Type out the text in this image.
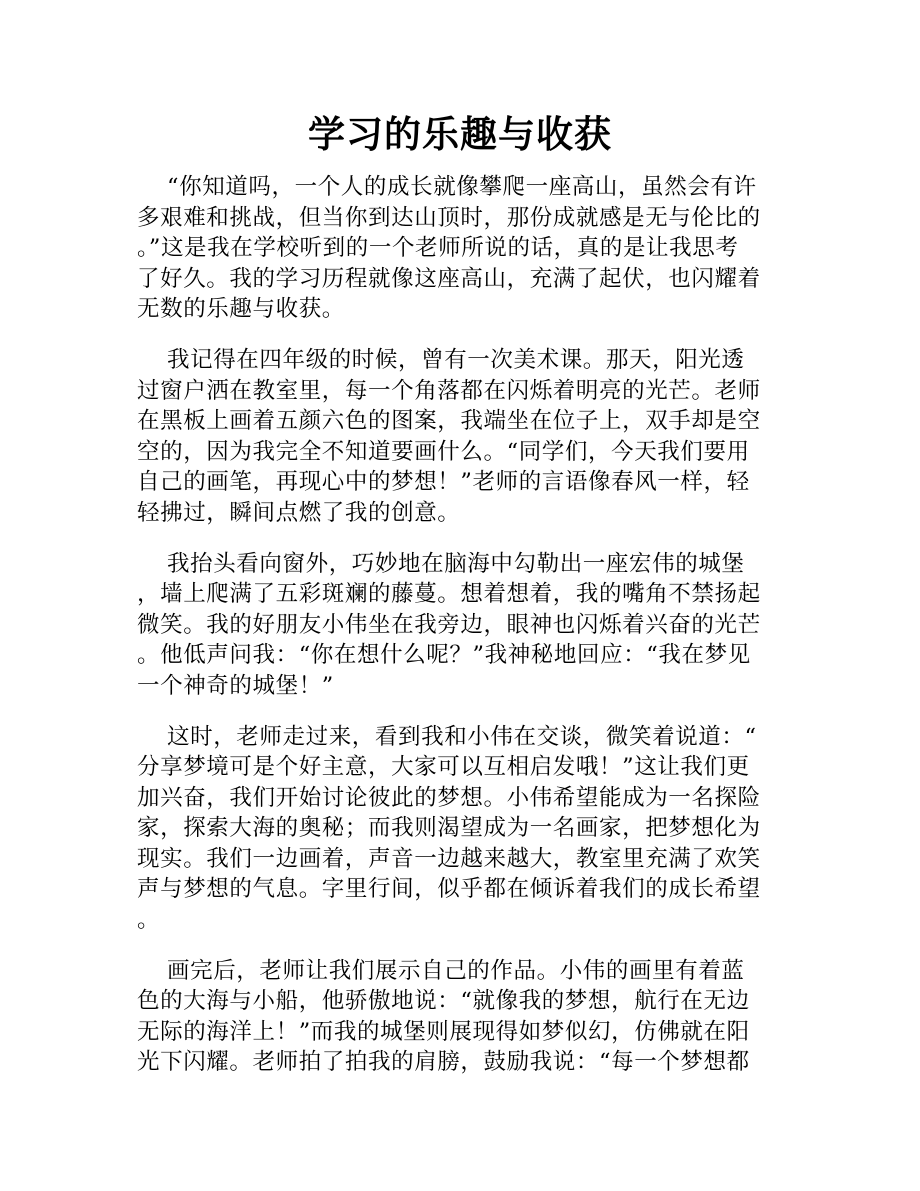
学习的乐趣与收获

“你知道吗，一个人的成长就像攀爬一座高山，虽然会有许
多艰难和挑战，但当你到达山顶时，那份成就感是无与伦比的
。”这是我在学校听到的一个老师所说的话，真的是让我思考
了好久。我的学习历程就像这座高山，充满了起伏，也闪耀着
无数的乐趣与收获。

我记得在四年级的时候，曾有一次美术课。那天，阳光透
过窗户洒在教室里，每一个角落都在闪烁着明亮的光芒。老师
在黑板上画着五颜六色的图案，我端坐在位子上，双手却是空
空的，因为我完全不知道要画什么。“同学们，今天我们要用
自己的画笔，再现心中的梦想！”老师的言语像春风一样，轻
轻拂过，瞬间点燃了我的创意。

我抬头看向窗外，巧妙地在脑海中勾勒出一座宏伟的城堡
，墙上爬满了五彩斑斓的藤蔓。想着想着，我的嘴角不禁扬起
微笑。我的好朋友小伟坐在我旁边，眼神也闪烁着兴奋的光芒
。他低声问我：“你在想什么呢？”我神秘地回应：“我在梦见
一个神奇的城堡！”

这时，老师走过来，看到我和小伟在交谈，微笑着说道：“
分享梦境可是个好主意，大家可以互相启发哦！”这让我们更
加兴奋，我们开始讨论彼此的梦想。小伟希望能成为一名探险
家，探索大海的奥秘；而我则渴望成为一名画家，把梦想化为
现实。我们一边画着，声音一边越来越大，教室里充满了欢笑
声与梦想的气息。字里行间，似乎都在倾诉着我们的成长希望
。

画完后，老师让我们展示自己的作品。小伟的画里有着蓝
色的大海与小船，他骄傲地说：“就像我的梦想，航行在无边
无际的海洋上！”而我的城堡则展现得如梦似幻，仿佛就在阳
光下闪耀。老师拍了拍我的肩膀，鼓励我说：“每一个梦想都
